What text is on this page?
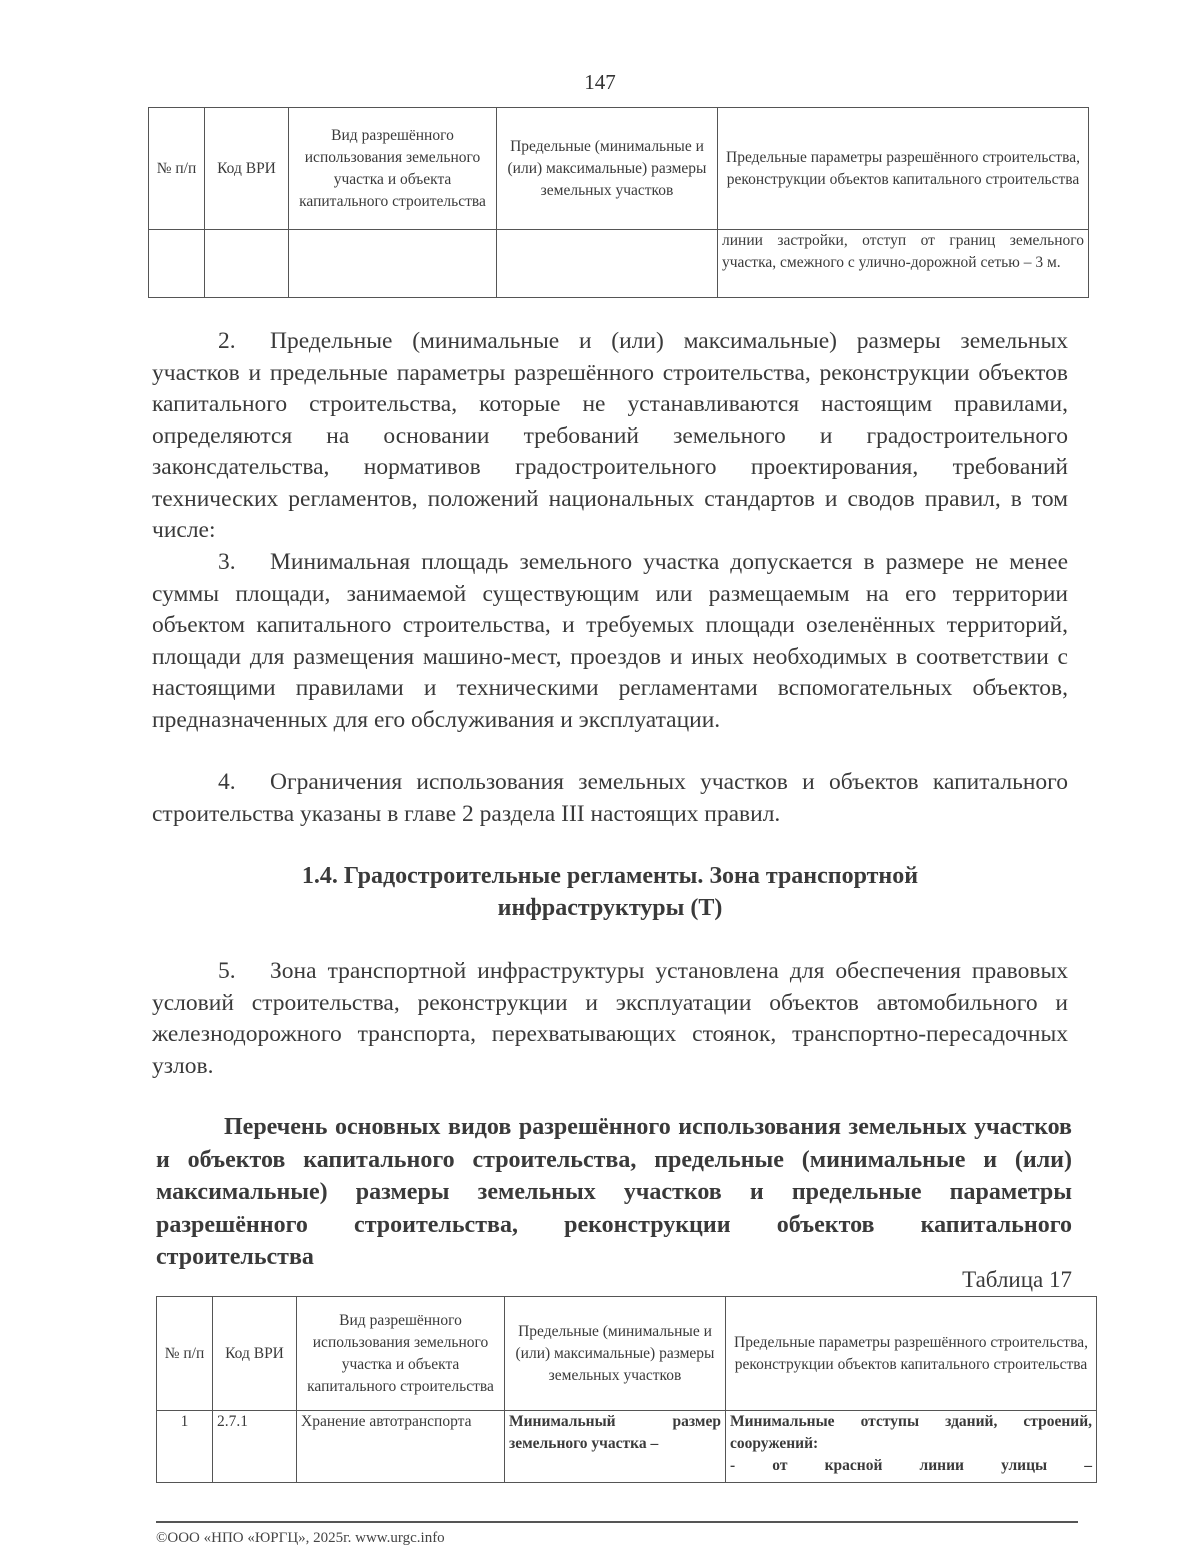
147
№ п/п	Код ВРИ	Вид разрешённого использования земельного участка и объекта капитального строительства	Предельные (минимальные и (или) максимальные) размеры земельных участков	Предельные параметры разрешённого строительства, реконструкции объектов капитального строительства
				линии застройки, отступ от границ земельного участка, смежного с улично-дорожной сетью – 3 м.
2. Предельные (минимальные и (или) максимальные) размеры земельных участков и предельные параметры разрешённого строительства, реконструкции объектов капитального строительства, которые не устанавливаются настоящим правилами, определяются на основании требований земельного и градостроительного законсдательства, нормативов градостроительного проектирования, требований технических регламентов, положений национальных стандартов и сводов правил, в том числе:
3. Минимальная площадь земельного участка допускается в размере не менее суммы площади, занимаемой существующим или размещаемым на его территории объектом капитального строительства, и требуемых площади озеленённых территорий, площади для размещения машино-мест, проездов и иных необходимых в соответствии с настоящими правилами и техническими регламентами вспомогательных объектов, предназначенных для его обслуживания и эксплуатации.
4. Ограничения использования земельных участков и объектов капитального строительства указаны в главе 2 раздела III настоящих правил.
1.4. Градостроительные регламенты. Зона транспортной
инфраструктуры (Т)
5. Зона транспортной инфраструктуры установлена для обеспечения правовых условий строительства, реконструкции и эксплуатации объектов автомобильного и железнодорожного транспорта, перехватывающих стоянок, транспортно-пересадочных узлов.
Перечень основных видов разрешённого использования земельных участков и объектов капитального строительства, предельные (минимальные и (или) максимальные) размеры земельных участков и предельные параметры разрешённого строительства, реконструкции объектов капитального строительства
Таблица 17
№ п/п	Код ВРИ	Вид разрешённого использования земельного участка и объекта капитального строительства	Предельные (минимальные и (или) максимальные) размеры земельных участков	Предельные параметры разрешённого строительства, реконструкции объектов капитального строительства
1	2.7.1	Хранение автотранспорта	Минимальный размер земельного участка –	Минимальные отступы зданий, строений, сооружений:
- от красной линии улицы –
©ООО «НПО «ЮРГЦ», 2025г. www.urgc.info
